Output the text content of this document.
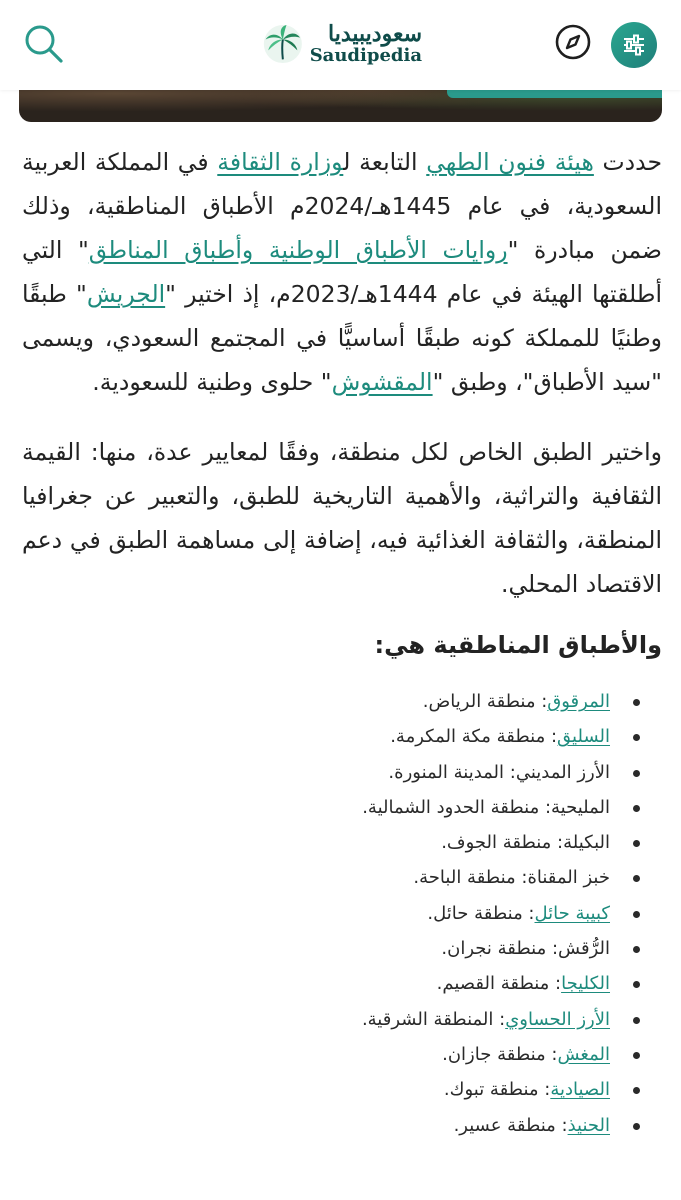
سعوديبيديا
Saudipedia

حددت هيئة فنون الطهي التابعة لوزارة الثقافة في المملكة العربية السعودية، في عام 1445هـ/2024م الأطباق المناطقية، وذلك ضمن مبادرة "روايات الأطباق الوطنية وأطباق المناطق" التي أطلقتها الهيئة في عام 1444هـ/2023م، إذ اختير "الجريش" طبقًا وطنيًا للمملكة كونه طبقًا أساسيًّا في المجتمع السعودي، ويسمى "سيد الأطباق"، وطبق "المقشوش" حلوى وطنية للسعودية.

واختير الطبق الخاص لكل منطقة، وفقًا لمعايير عدة، منها: القيمة الثقافية والتراثية، والأهمية التاريخية للطبق، والتعبير عن جغرافيا المنطقة، والثقافة الغذائية فيه، إضافة إلى مساهمة الطبق في دعم الاقتصاد المحلي.

والأطباق المناطقية هي:
المرقوق: منطقة الرياض.
السليق: منطقة مكة المكرمة.
الأرز المديني: المدينة المنورة.
المليحية: منطقة الحدود الشمالية.
البكيلة: منطقة الجوف.
خبز المقناة: منطقة الباحة.
كبيبة حائل: منطقة حائل.
الرُّقش: منطقة نجران.
الكليجا: منطقة القصيم.
الأرز الحساوي: المنطقة الشرقية.
المغش: منطقة جازان.
الصيادية: منطقة تبوك.
الحنيذ: منطقة عسير.
